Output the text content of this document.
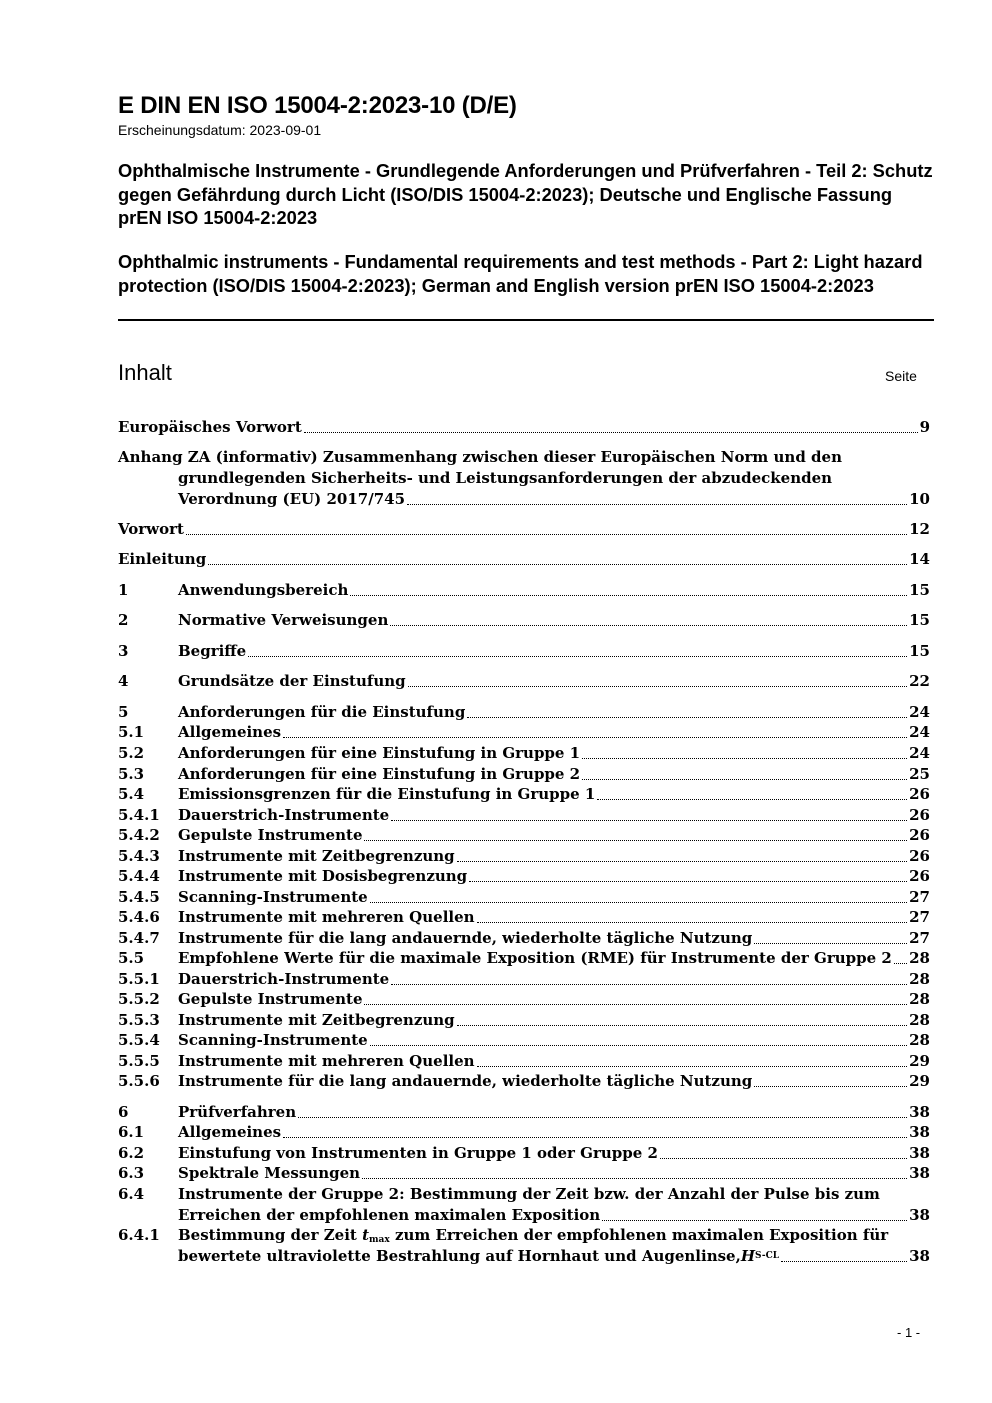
E DIN EN ISO 15004-2:2023-10 (D/E)
Erscheinungsdatum: 2023-09-01
Ophthalmische Instrumente - Grundlegende Anforderungen und Prüfverfahren - Teil 2: Schutz gegen Gefährdung durch Licht (ISO/DIS 15004-2:2023); Deutsche und Englische Fassung prEN ISO 15004-2:2023
Ophthalmic instruments - Fundamental requirements and test methods - Part 2: Light hazard protection (ISO/DIS 15004-2:2023); German and English version prEN ISO 15004-2:2023
Inhalt	Seite
Europäisches Vorwort	9
Anhang ZA (informativ) Zusammenhang zwischen dieser Europäischen Norm und den
grundlegenden Sicherheits- und Leistungsanforderungen der abzudeckenden
Verordnung (EU) 2017/745	10
Vorwort	12
Einleitung	14
1	Anwendungsbereich	15
2	Normative Verweisungen	15
3	Begriffe	15
4	Grundsätze der Einstufung	22
5	Anforderungen für die Einstufung	24
5.1 Allgemeines	24
5.2 Anforderungen für eine Einstufung in Gruppe 1	24
5.3 Anforderungen für eine Einstufung in Gruppe 2	25
5.4 Emissionsgrenzen für die Einstufung in Gruppe 1	26
5.4.1 Dauerstrich-Instrumente	26
5.4.2 Gepulste Instrumente	26
5.4.3 Instrumente mit Zeitbegrenzung	26
5.4.4 Instrumente mit Dosisbegrenzung	26
5.4.5 Scanning-Instrumente	27
5.4.6 Instrumente mit mehreren Quellen	27
5.4.7 Instrumente für die lang andauernde, wiederholte tägliche Nutzung	27
5.5 Empfohlene Werte für die maximale Exposition (RME) für Instrumente der Gruppe 2 28
5.5.1 Dauerstrich-Instrumente	28
5.5.2 Gepulste Instrumente	28
5.5.3 Instrumente mit Zeitbegrenzung	28
5.5.4 Scanning-Instrumente	28
5.5.5 Instrumente mit mehreren Quellen	29
5.5.6 Instrumente für die lang andauernde, wiederholte tägliche Nutzung	29
6	Prüfverfahren	38
6.1 Allgemeines	38
6.2 Einstufung von Instrumenten in Gruppe 1 oder Gruppe 2	38
6.3 Spektrale Messungen	38
6.4 Instrumente der Gruppe 2: Bestimmung der Zeit bzw. der Anzahl der Pulse bis zum
Erreichen der empfohlenen maximalen Exposition	38
6.4.1 Bestimmung der Zeit $t_{max}$ zum Erreichen der empfohlenen maximalen Exposition für
bewertete ultraviolette Bestrahlung auf Hornhaut und Augenlinse, H S-CL	38
- 1 -
